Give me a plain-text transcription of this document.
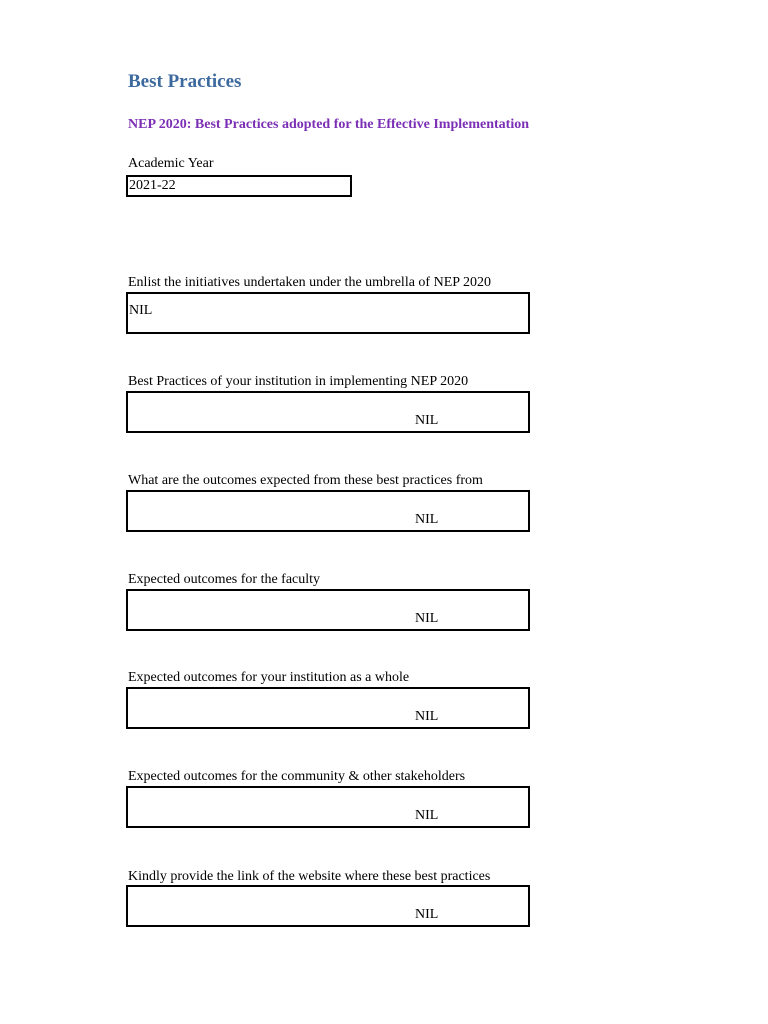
Best Practices
NEP 2020: Best Practices adopted for the Effective Implementation
Academic Year
2021-22
Enlist the initiatives undertaken under the umbrella of NEP 2020
NIL
Best Practices of your institution in implementing NEP 2020
NIL
What are the outcomes expected from these best practices from
NIL
Expected outcomes for the faculty
NIL
Expected outcomes for your institution as a whole
NIL
Expected outcomes for the community & other stakeholders
NIL
Kindly provide the link of the website where these best practices
NIL
